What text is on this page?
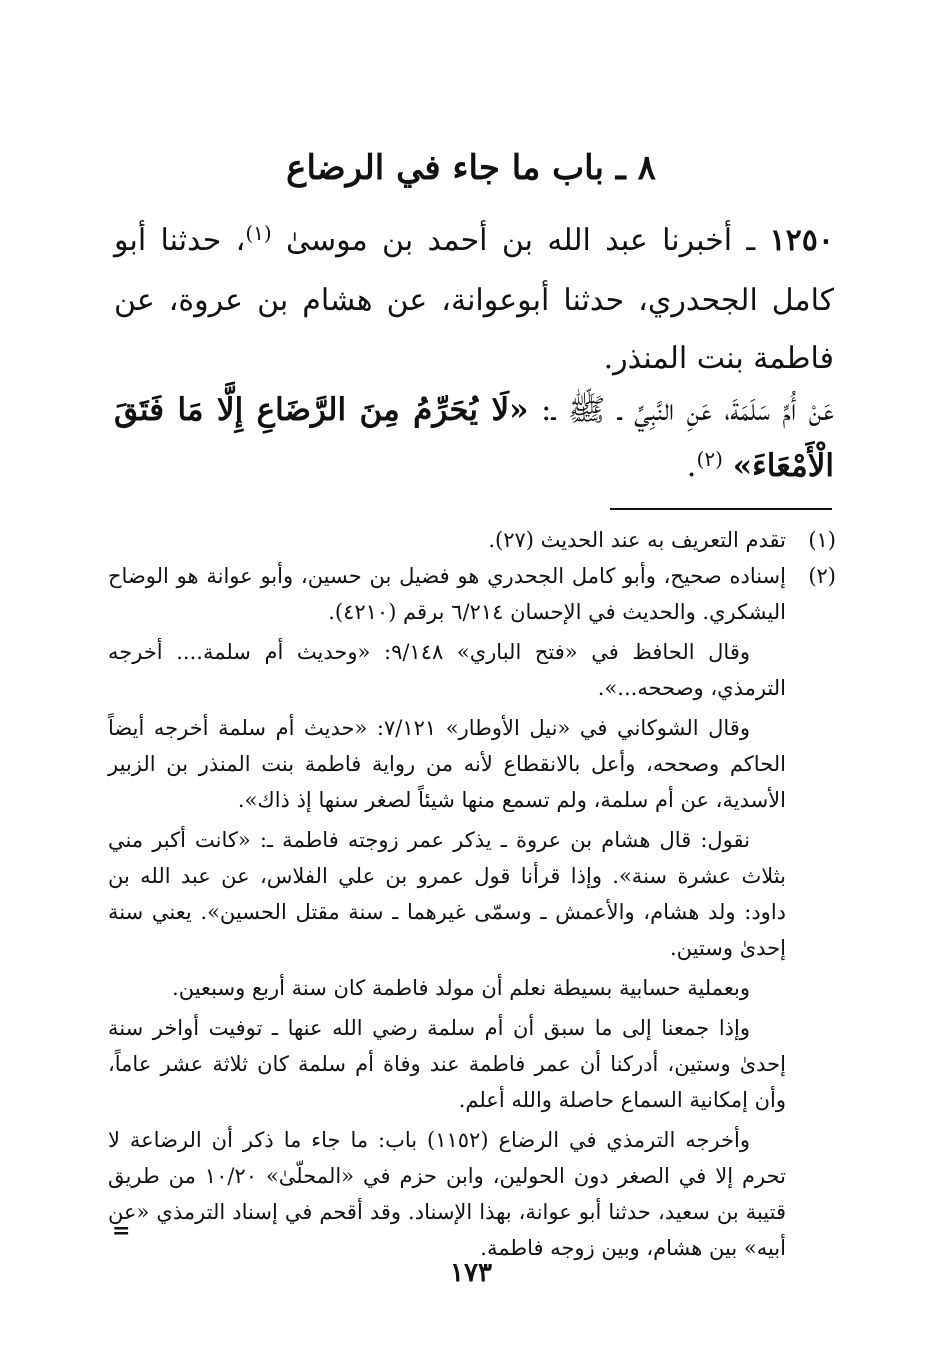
٨ ـ باب ما جاء في الرضاع
١٢٥٠ ـ أخبرنا عبد الله بن أحمد بن موسىٰ $^{(١)}$، حدثنا أبو كامل الجحدري، حدثنا أبوعوانة، عن هشام بن عروة، عن فاطمة بنت المنذر.
عَنْ أُمِّ سَلَمَةَ، عَنِ النَّبِيِّ ـ ﷺ ـ: «لَا يُحَرِّمُ مِنَ الرَّضَاعِ إِلَّا مَا فَتَقَ الْأَمْعَاءَ» $^{(٢)}$.
(١)
تقدم التعريف به عند الحديث (٢٧).
(٢)
إسناده صحيح، وأبو كامل الجحدري هو فضيل بن حسين، وأبو عوانة هو الوضاح اليشكري. والحديث في الإحسان ٦/٢١٤ برقم (٤٢١٠).
وقال الحافظ في «فتح الباري» ٩/١٤٨: «وحديث أم سلمة.... أخرجه الترمذي، وصححه...».
وقال الشوكاني في «نيل الأوطار» ٧/١٢١: «حديث أم سلمة أخرجه أيضاً الحاكم وصححه، وأعل بالانقطاع لأنه من رواية فاطمة بنت المنذر بن الزبير الأسدية، عن أم سلمة، ولم تسمع منها شيئاً لصغر سنها إذ ذاك».
نقول: قال هشام بن عروة ـ يذكر عمر زوجته فاطمة ـ: «كانت أكبر مني بثلاث عشرة سنة». وإذا قرأنا قول عمرو بن علي الفلاس، عن عبد الله بن داود: ولد هشام، والأعمش ـ وسمّى غيرهما ـ سنة مقتل الحسين». يعني سنة إحدىٰ وستين.
وبعملية حسابية بسيطة نعلم أن مولد فاطمة كان سنة أربع وسبعين.
وإذا جمعنا إلى ما سبق أن أم سلمة رضي الله عنها ـ توفيت أواخر سنة إحدىٰ وستين، أدركنا أن عمر فاطمة عند وفاة أم سلمة كان ثلاثة عشر عاماً، وأن إمكانية السماع حاصلة والله أعلم.
وأخرجه الترمذي في الرضاع (١١٥٢) باب: ما جاء ما ذكر أن الرضاعة لا تحرم إلا في الصغر دون الحولين، وابن حزم في «المحلّىٰ» ١٠/٢٠ من طريق قتيبة بن سعيد، حدثنا أبو عوانة، بهذا الإسناد. وقد أقحم في إسناد الترمذي «عن أبيه» بين هشام، وبين زوجه فاطمة.
=
١٧٣
